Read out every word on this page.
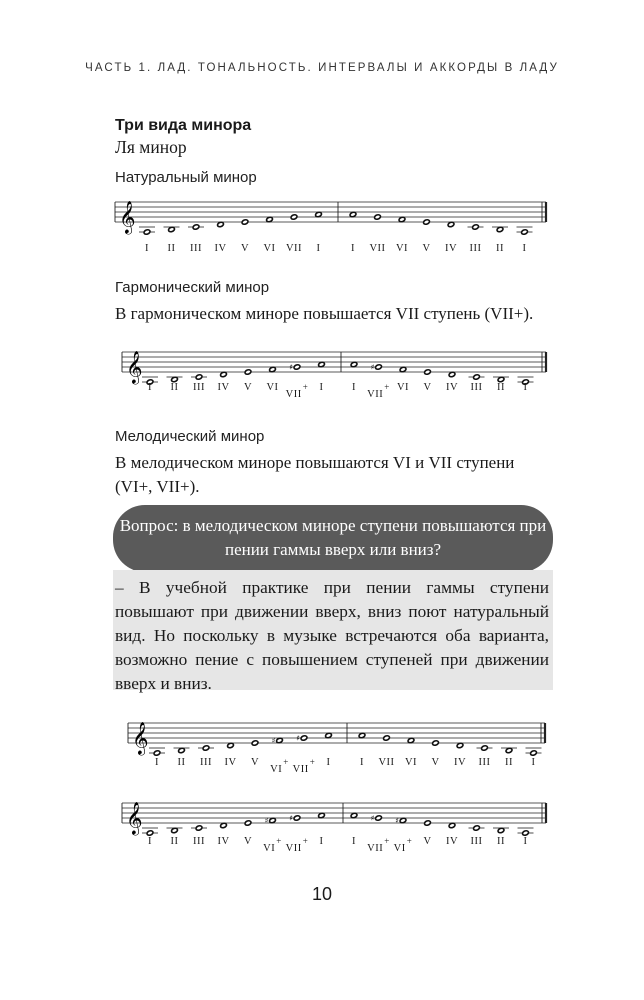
ЧАСТЬ 1. ЛАД. ТОНАЛЬНОСТЬ. ИНТЕРВАЛЫ И АККОРДЫ В ЛАДУ
Три вида минора
Ля минор
Натуральный минор
𝄞
I II III IV V VI VII I	I VII VI V IV III II I
Гармонический минор
В гармоническом миноре повышается VII ступень (VII+).
𝄞	♯	♯
I II III IV V VI
VII+ I	I
VII+ VI V IV III II I
Мелодический минор
В мелодическом миноре повышаются VI и VII ступени (VI+, VII+).
Вопрос: в мелодическом миноре ступени повышаются при пении гаммы вверх или вниз?
– В учебной практике при пении гаммы ступени повышают при движении вверх, вниз поют натуральный вид. Но поскольку в музыке встречаются оба варианта, возможно пение с повышением ступеней при движении вверх и вниз.
𝄞	♯	♯
I II III IV V
VI+
VII+ I	I VII VI V IV III II I
𝄞	♯	♯	♯	♯
I II III IV V
VI+
VII+ I	I
VII+
VI+ V IV III II I
10
